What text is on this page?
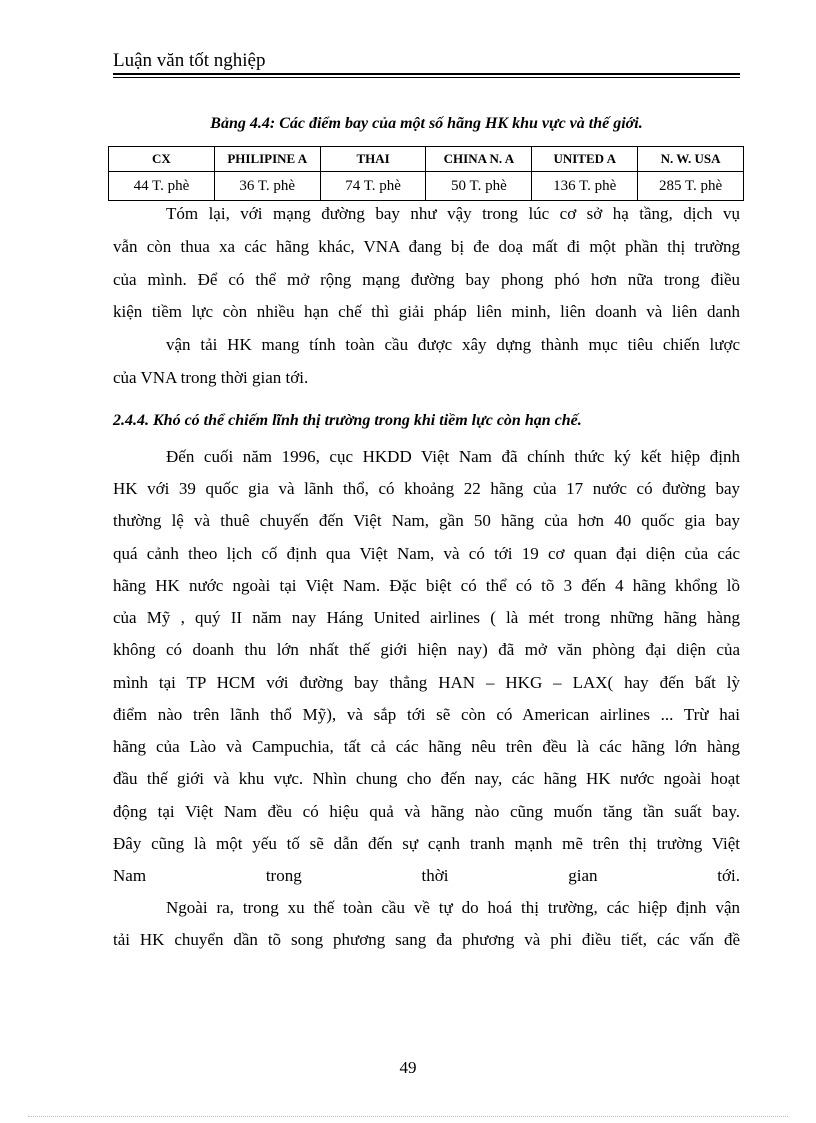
Luận văn tốt nghiệp
Bảng 4.4: Các điểm bay của một số hãng HK khu vực và thế giới.
CX	PHILIPINE A	THAI	CHINA N. A	UNITED A	N. W. USA
44 T. phè	36 T. phè	74 T. phè	50 T. phè	136 T. phè	285 T. phè
Tóm lại, với mạng đường bay như vậy trong lúc cơ sở hạ tầng, dịch vụ
vẫn còn thua xa các hãng khác, VNA đang bị đe doạ mất đi một phần thị trường
của mình. Để có thể mở rộng mạng đường bay phong phó hơn nữa trong điều
kiện tiềm lực còn nhiều hạn chế thì giải pháp liên minh, liên doanh và liên danh
vận tải HK mang tính toàn cầu được xây dựng thành mục tiêu chiến lược
của VNA trong thời gian tới.
2.4.4. Khó có thể chiếm lĩnh thị trường trong khi tiềm lực còn hạn chế.
Đến cuối năm 1996, cục HKDD Việt Nam đã chính thức ký kết hiệp định
HK với 39 quốc gia và lãnh thổ, có khoảng 22 hãng của 17 nước có đường bay
thường lệ và thuê chuyến đến Việt Nam, gần 50 hãng của hơn 40 quốc gia bay
quá cảnh theo lịch cố định qua Việt Nam, và có tới 19 cơ quan đại diện của các
hãng HK nước ngoài tại Việt Nam. Đặc biệt có thể có tõ 3 đến 4 hãng khổng lồ
của Mỹ , quý II năm nay Háng United airlines ( là mét trong những hãng hàng
không có doanh thu lớn nhất thế giới hiện nay) đã mở văn phòng đại diện của
mình tại TP HCM với đường bay thẳng HAN – HKG – LAX( hay đến bất lỳ
điểm nào trên lãnh thổ Mỹ), và sắp tới sẽ còn có American airlines ... Trừ hai
hãng của Lào và Campuchia, tất cả các hãng nêu trên đều là các hãng lớn hàng
đầu thế giới và khu vực. Nhìn chung cho đến nay, các hãng HK nước ngoài hoạt
động tại Việt Nam đều có hiệu quả và hãng nào cũng muốn tăng tần suất bay.
Đây cũng là một yếu tố sẽ dẫn đến sự cạnh tranh mạnh mẽ trên thị trường Việt
Nam trong thời gian tới.
Ngoài ra, trong xu thế toàn cầu về tự do hoá thị trường, các hiệp định vận
tải HK chuyển dần tõ song phương sang đa phương và phi điều tiết, các vấn đề
49
